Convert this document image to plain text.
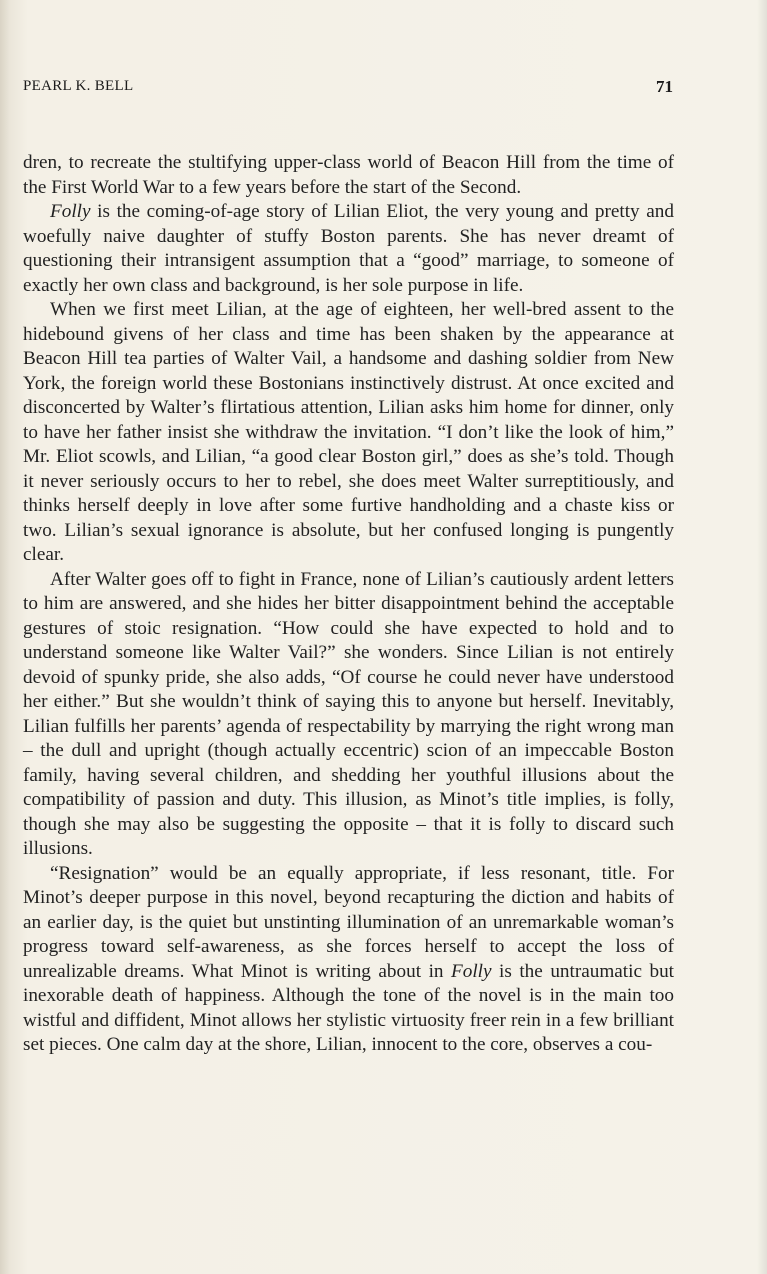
PEARL K. BELL	71

dren, to recreate the stultifying upper-class world of Beacon Hill from the time of the First World War to a few years before the start of the Second.

Folly is the coming-of-age story of Lilian Eliot, the very young and pretty and woefully naive daughter of stuffy Boston parents. She has never dreamt of questioning their intransigent assumption that a “good” marriage, to someone of exactly her own class and background, is her sole purpose in life.

When we first meet Lilian, at the age of eighteen, her well-bred assent to the hidebound givens of her class and time has been shaken by the appearance at Beacon Hill tea parties of Walter Vail, a handsome and dashing soldier from New York, the foreign world these Bostonians instinctively distrust. At once excited and disconcerted by Walter’s flirtatious attention, Lilian asks him home for dinner, only to have her father insist she withdraw the invitation. “I don’t like the look of him,” Mr. Eliot scowls, and Lilian, “a good clear Boston girl,” does as she’s told. Though it never seriously occurs to her to rebel, she does meet Walter surreptitiously, and thinks herself deeply in love after some furtive handholding and a chaste kiss or two. Lilian’s sexual ignorance is absolute, but her confused longing is pungently clear.

After Walter goes off to fight in France, none of Lilian’s cautiously ardent letters to him are answered, and she hides her bitter disappointment behind the acceptable gestures of stoic resignation. “How could she have expected to hold and to understand someone like Walter Vail?” she wonders. Since Lilian is not entirely devoid of spunky pride, she also adds, “Of course he could never have understood her either.” But she wouldn’t think of saying this to anyone but herself. Inevitably, Lilian fulfills her parents’ agenda of respectability by marrying the right wrong man – the dull and upright (though actually eccentric) scion of an impeccable Boston family, having several children, and shedding her youthful illusions about the compatibility of passion and duty. This illusion, as Minot’s title implies, is folly, though she may also be suggesting the opposite – that it is folly to discard such illusions.

“Resignation” would be an equally appropriate, if less resonant, title. For Minot’s deeper purpose in this novel, beyond recapturing the diction and habits of an earlier day, is the quiet but unstinting illumination of an unremarkable woman’s progress toward self-awareness, as she forces herself to accept the loss of unrealizable dreams. What Minot is writing about in Folly is the untraumatic but inexorable death of happiness. Although the tone of the novel is in the main too wistful and diffident, Minot allows her stylistic virtuosity freer rein in a few brilliant set pieces. One calm day at the shore, Lilian, innocent to the core, observes a cou-
